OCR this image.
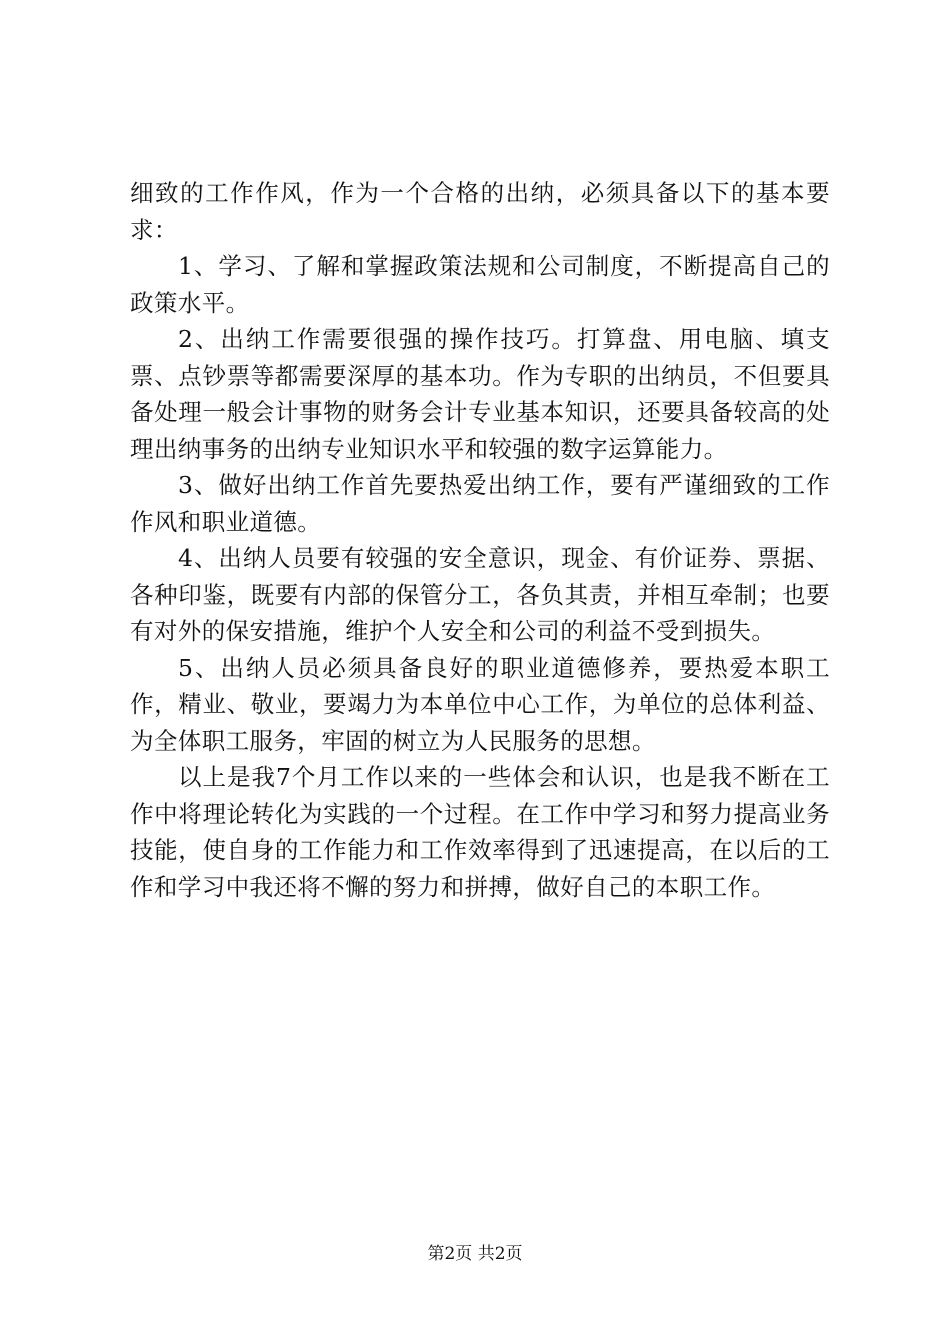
细致的工作作风，作为一个合格的出纳，必须具备以下的基本要求：

1、学习、了解和掌握政策法规和公司制度，不断提高自己的政策水平。

2、出纳工作需要很强的操作技巧。打算盘、用电脑、填支票、点钞票等都需要深厚的基本功。作为专职的出纳员，不但要具备处理一般会计事物的财务会计专业基本知识，还要具备较高的处理出纳事务的出纳专业知识水平和较强的数字运算能力。

3、做好出纳工作首先要热爱出纳工作，要有严谨细致的工作作风和职业道德。

4、出纳人员要有较强的安全意识，现金、有价证券、票据、各种印鉴，既要有内部的保管分工，各负其责，并相互牵制；也要有对外的保安措施，维护个人安全和公司的利益不受到损失。

5、出纳人员必须具备良好的职业道德修养，要热爱本职工作，精业、敬业，要竭力为本单位中心工作，为单位的总体利益、为全体职工服务，牢固的树立为人民服务的思想。

以上是我7个月工作以来的一些体会和认识，也是我不断在工作中将理论转化为实践的一个过程。在工作中学习和努力提高业务技能，使自身的工作能力和工作效率得到了迅速提高，在以后的工作和学习中我还将不懈的努力和拼搏，做好自己的本职工作。

第2页 共2页
